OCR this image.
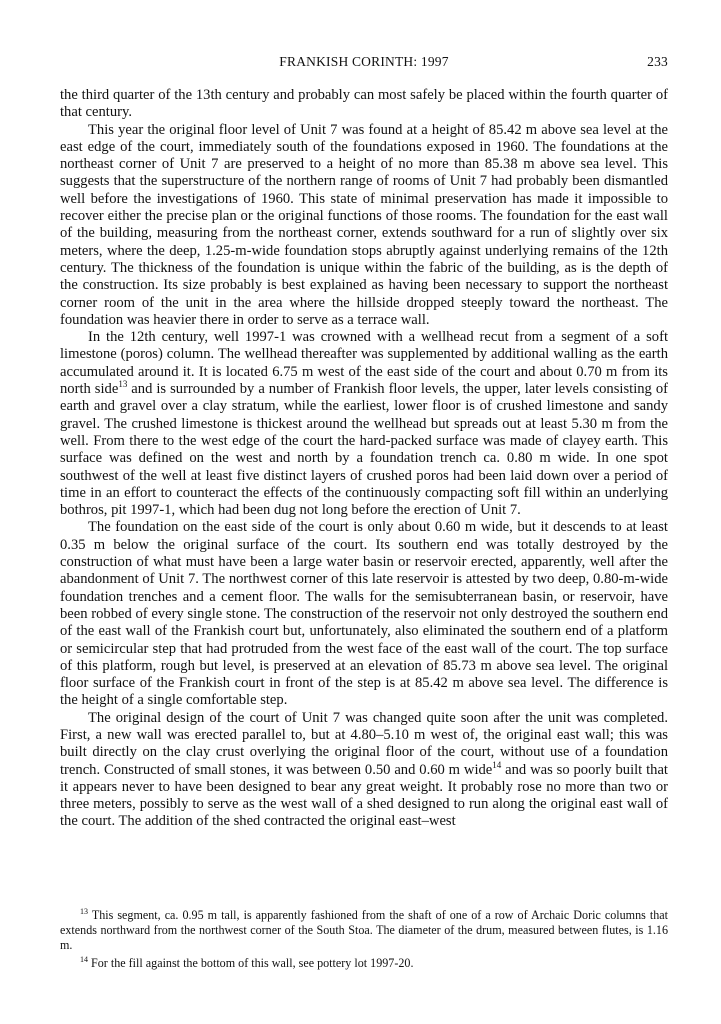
FRANKISH CORINTH: 1997	233

the third quarter of the 13th century and probably can most safely be placed within the fourth quarter of that century.

This year the original floor level of Unit 7 was found at a height of 85.42 m above sea level at the east edge of the court, immediately south of the foundations exposed in 1960. The foundations at the northeast corner of Unit 7 are preserved to a height of no more than 85.38 m above sea level. This suggests that the superstructure of the northern range of rooms of Unit 7 had probably been dismantled well before the investigations of 1960. This state of minimal preservation has made it impossible to recover either the precise plan or the original functions of those rooms. The foundation for the east wall of the building, measuring from the northeast corner, extends southward for a run of slightly over six meters, where the deep, 1.25-m-wide foundation stops abruptly against underlying remains of the 12th century. The thickness of the foundation is unique within the fabric of the building, as is the depth of the construction. Its size probably is best explained as having been necessary to support the northeast corner room of the unit in the area where the hillside dropped steeply toward the northeast. The foundation was heavier there in order to serve as a terrace wall.

In the 12th century, well 1997-1 was crowned with a wellhead recut from a segment of a soft limestone (poros) column. The wellhead thereafter was supplemented by additional walling as the earth accumulated around it. It is located 6.75 m west of the east side of the court and about 0.70 m from its north side$^{13}$ and is surrounded by a number of Frankish floor levels, the upper, later levels consisting of earth and gravel over a clay stratum, while the earliest, lower floor is of crushed limestone and sandy gravel. The crushed limestone is thickest around the wellhead but spreads out at least 5.30 m from the well. From there to the west edge of the court the hard-packed surface was made of clayey earth. This surface was defined on the west and north by a foundation trench ca. 0.80 m wide. In one spot southwest of the well at least five distinct layers of crushed poros had been laid down over a period of time in an effort to counteract the effects of the continuously compacting soft fill within an underlying bothros, pit 1997-1, which had been dug not long before the erection of Unit 7.

The foundation on the east side of the court is only about 0.60 m wide, but it descends to at least 0.35 m below the original surface of the court. Its southern end was totally destroyed by the construction of what must have been a large water basin or reservoir erected, apparently, well after the abandonment of Unit 7. The northwest corner of this late reservoir is attested by two deep, 0.80-m-wide foundation trenches and a cement floor. The walls for the semisubterranean basin, or reservoir, have been robbed of every single stone. The construction of the reservoir not only destroyed the southern end of the east wall of the Frankish court but, unfortunately, also eliminated the southern end of a platform or semicircular step that had protruded from the west face of the east wall of the court. The top surface of this platform, rough but level, is preserved at an elevation of 85.73 m above sea level. The original floor surface of the Frankish court in front of the step is at 85.42 m above sea level. The difference is the height of a single comfortable step.

The original design of the court of Unit 7 was changed quite soon after the unit was completed. First, a new wall was erected parallel to, but at 4.80–5.10 m west of, the original east wall; this was built directly on the clay crust overlying the original floor of the court, without use of a foundation trench. Constructed of small stones, it was between 0.50 and 0.60 m wide$^{14}$ and was so poorly built that it appears never to have been designed to bear any great weight. It probably rose no more than two or three meters, possibly to serve as the west wall of a shed designed to run along the original east wall of the court. The addition of the shed contracted the original east–west

$^{13}$ This segment, ca. 0.95 m tall, is apparently fashioned from the shaft of one of a row of Archaic Doric columns that extends northward from the northwest corner of the South Stoa. The diameter of the drum, measured between flutes, is 1.16 m.

$^{14}$ For the fill against the bottom of this wall, see pottery lot 1997-20.
